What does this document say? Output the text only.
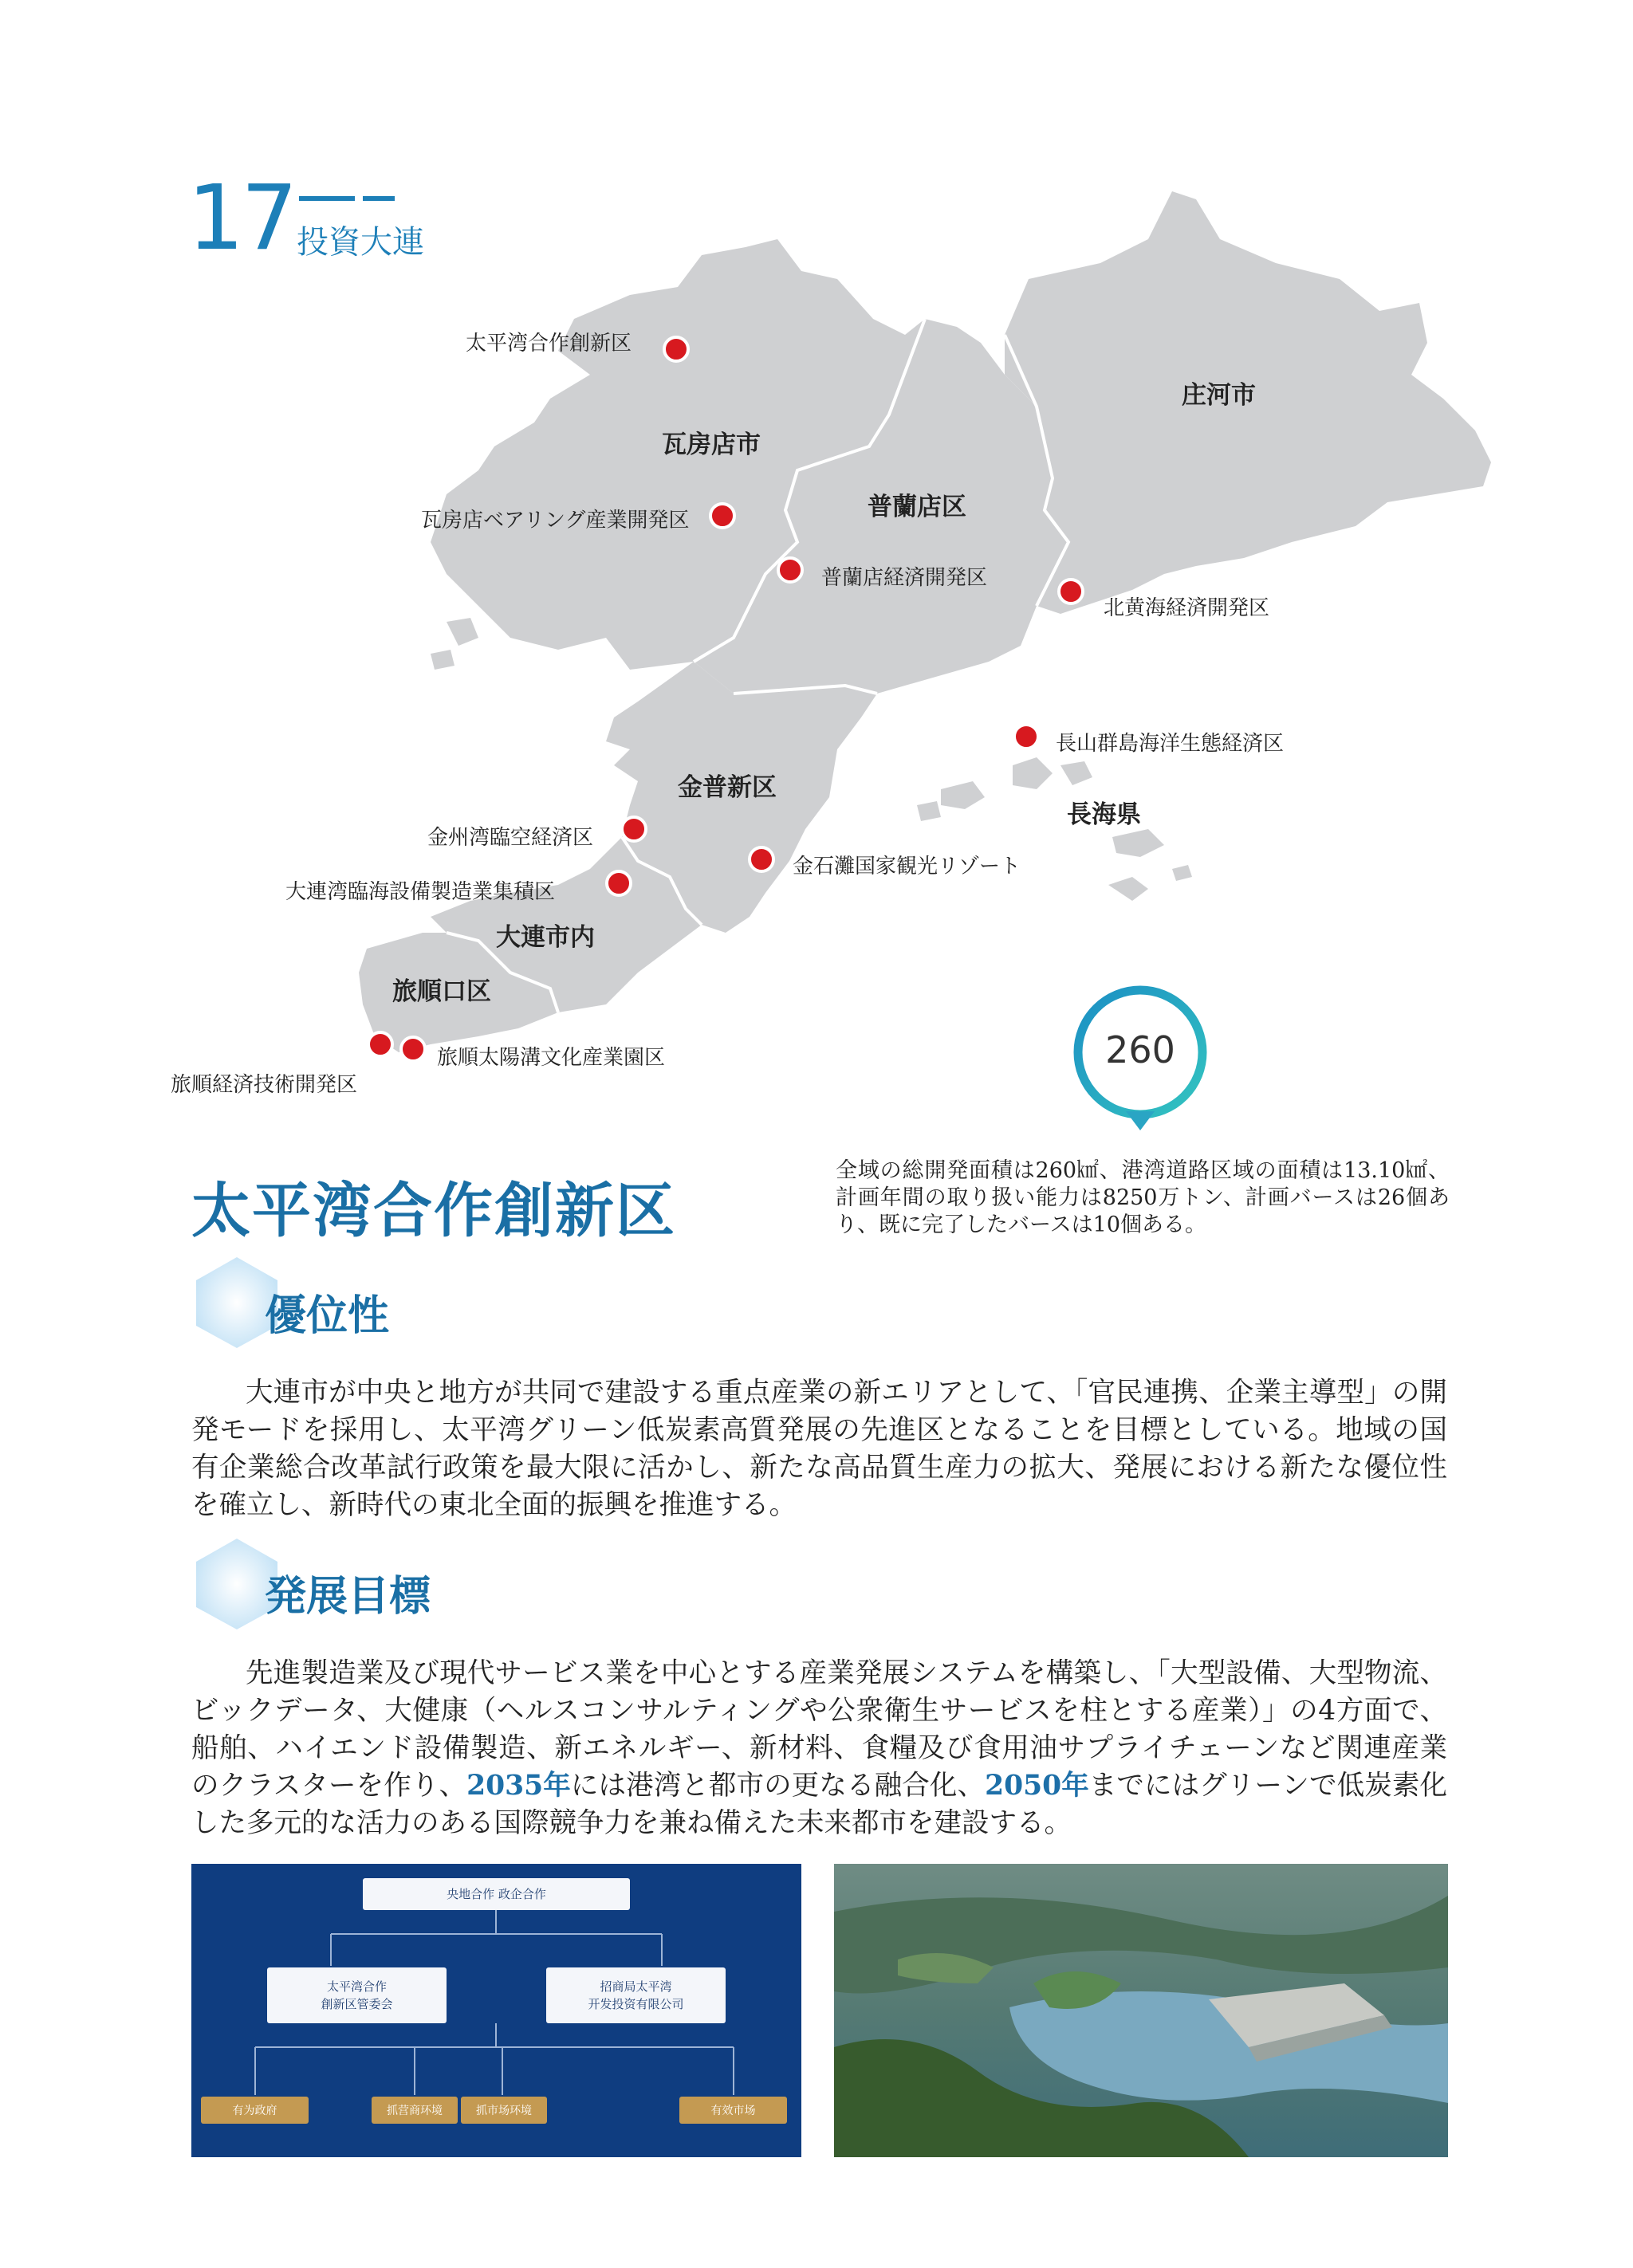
17 投資大連
瓦房店市
普蘭店区
庄河市
金普新区
長海県
大連市内
旅順口区
太平湾合作創新区
瓦房店ベアリング産業開発区
普蘭店経済開発区
北黄海経済開発区
長山群島海洋生態経済区
金州湾臨空経済区
大連湾臨海設備製造業集積区
金石灘国家観光リゾート
旅順太陽溝文化産業園区
旅順経済技術開発区
260
全域の総開発面積は260㎢、港湾道路区域の面積は13.10㎢、計画年間の取り扱い能力は8250万トン、計画バースは26個あり、既に完了したバースは10個ある。
太平湾合作創新区
優位性
大連市が中央と地方が共同で建設する重点産業の新エリアとして、「官民連携、企業主導型」の開発モードを採用し、太平湾グリーン低炭素高質発展の先進区となることを目標としている。地域の国有企業総合改革試行政策を最大限に活かし、新たな高品質生産力の拡大、発展における新たな優位性を確立し、新時代の東北全面的振興を推進する。
発展目標
先進製造業及び現代サービス業を中心とする産業発展システムを構築し、「大型設備、大型物流、ビックデータ、大健康（ヘルスコンサルティングや公衆衛生サービスを柱とする産業）」の4方面で、船舶、ハイエンド設備製造、新エネルギー、新材料、食糧及び食用油サプライチェーンなど関連産業のクラスターを作り、2035年には港湾と都市の更なる融合化、2050年までにはグリーンで低炭素化した多元的な活力のある国際競争力を兼ね備えた未来都市を建設する。
央地合作 政企合作
太平湾合作
創新区管委会
招商局太平湾
开发投资有限公司
有为政府	抓营商环境	抓市场环境	有效市场
